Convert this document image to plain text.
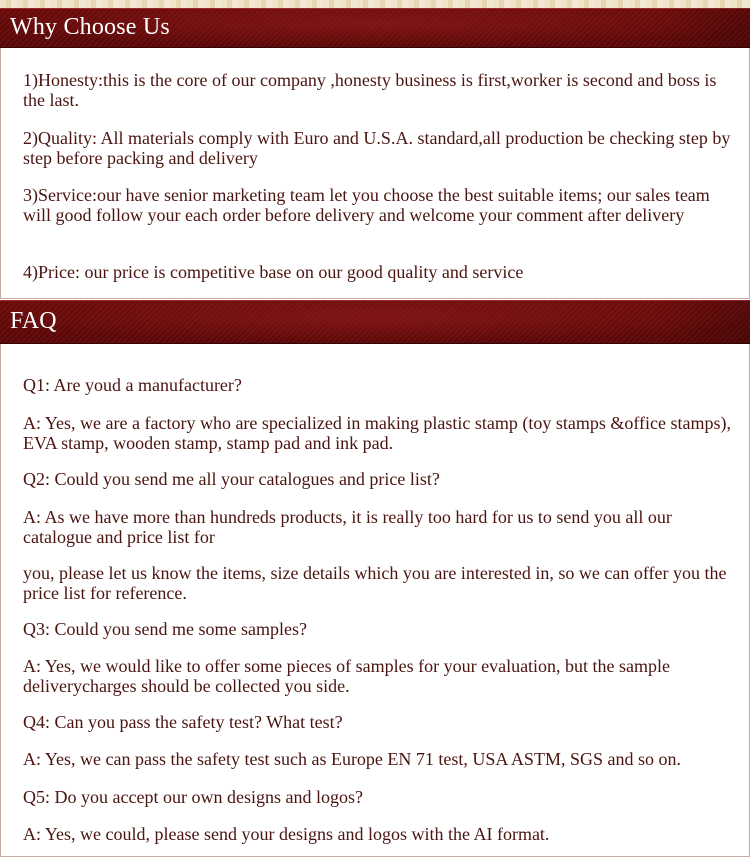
Why Choose Us

1)Honesty:this is the core of our company ,honesty business is first,worker is second and boss is the last.

2)Quality: All materials comply with Euro and U.S.A. standard,all production be checking step by step before packing and delivery

3)Service:our have senior marketing team let you choose the best suitable items; our sales team will good follow your each order before delivery and welcome your comment after delivery

4)Price: our price is competitive base on our good quality and service

FAQ

Q1: Are youd a manufacturer?

A: Yes, we are a factory who are specialized in making plastic stamp (toy stamps &office stamps), EVA stamp, wooden stamp, stamp pad and ink pad.

Q2: Could you send me all your catalogues and price list?

A: As we have more than hundreds products, it is really too hard for us to send you all our catalogue and price list for

you, please let us know the items, size details which you are interested in, so we can offer you the price list for reference.

Q3: Could you send me some samples?

A: Yes, we would like to offer some pieces of samples for your evaluation, but the sample deliverycharges should be collected you side.

Q4: Can you pass the safety test? What test?

A: Yes, we can pass the safety test such as Europe EN 71 test, USA ASTM, SGS and so on.

Q5: Do you accept our own designs and logos?

A: Yes, we could, please send your designs and logos with the AI format.
